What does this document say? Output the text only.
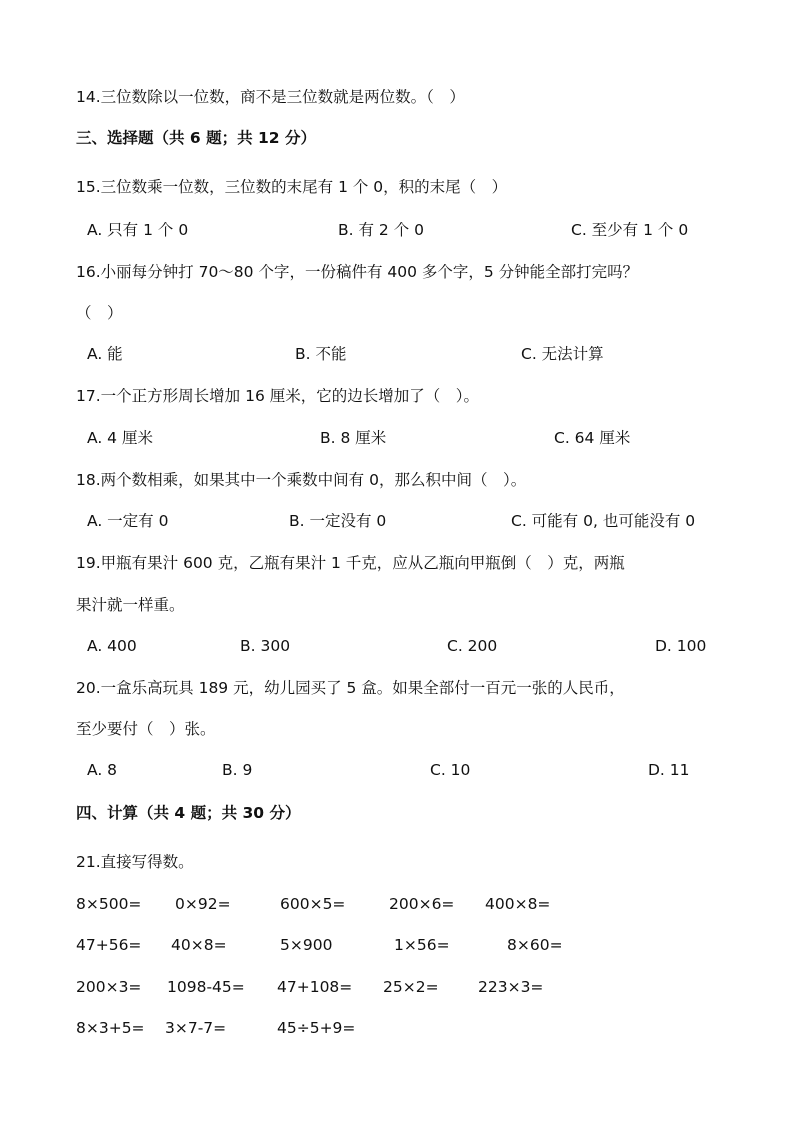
14.三位数除以一位数，商不是三位数就是两位数。（　）
三、选择题（共 6 题；共 12 分）
15.三位数乘一位数，三位数的末尾有 1 个 0，积的末尾（　）
A. 只有 1 个 0	B. 有 2 个 0	C. 至少有 1 个 0
16.小丽每分钟打 70～80 个字，一份稿件有 400 多个字，5 分钟能全部打完吗？
（　）
A. 能	B. 不能	C. 无法计算
17.一个正方形周长增加 16 厘米，它的边长增加了（　）。
A. 4 厘米	B. 8 厘米	C. 64 厘米
18.两个数相乘，如果其中一个乘数中间有 0，那么积中间（　）。
A. 一定有 0	B. 一定没有 0	C. 可能有 0, 也可能没有 0
19.甲瓶有果汁 600 克，乙瓶有果汁 1 千克，应从乙瓶向甲瓶倒（　）克，两瓶
果汁就一样重。
A. 400	B. 300	C. 200	D. 100
20.一盒乐高玩具 189 元，幼儿园买了 5 盒。如果全部付一百元一张的人民币，
至少要付（　）张。
A. 8	B. 9	C. 10	D. 11
四、计算（共 4 题；共 30 分）
21.直接写得数。
8×500= 0×92=	600×5=	200×6= 400×8=
47+56= 40×8=	5×900	1×56=	8×60=
200×3= 1098-45= 47+108= 25×2=	223×3=
8×3+5= 3×7-7=	45÷5+9=
